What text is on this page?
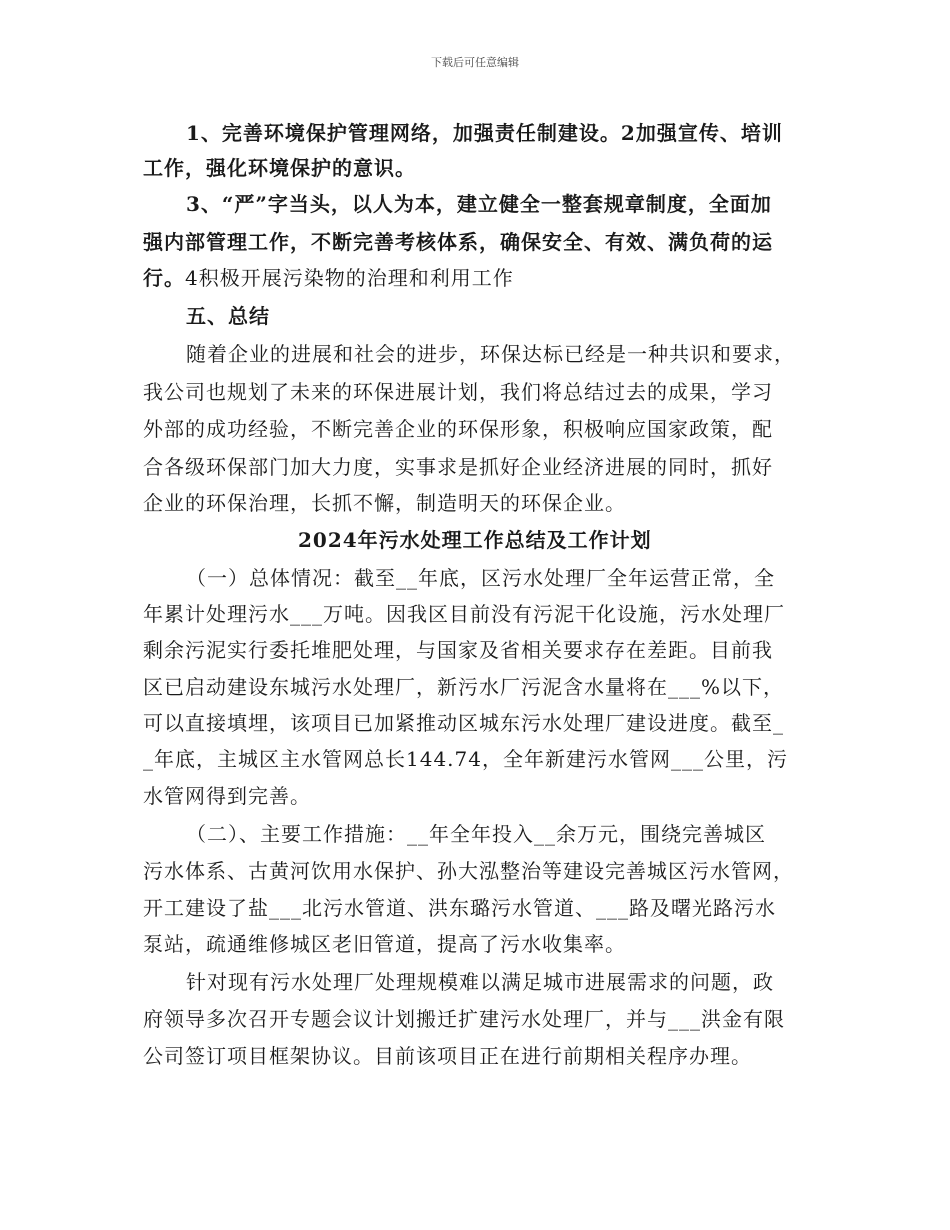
下载后可任意编辑
1、完善环境保护管理网络，加强责任制建设。2加强宣传、培训
工作，强化环境保护的意识。
3、“严”字当头，以人为本，建立健全一整套规章制度，全面加
强内部管理工作，不断完善考核体系，确保安全、有效、满负荷的运
行。4积极开展污染物的治理和利用工作
五、总结
随着企业的进展和社会的进步，环保达标已经是一种共识和要求，
我公司也规划了未来的环保进展计划，我们将总结过去的成果，学习
外部的成功经验，不断完善企业的环保形象，积极响应国家政策，配
合各级环保部门加大力度，实事求是抓好企业经济进展的同时，抓好
企业的环保治理，长抓不懈，制造明天的环保企业。
2024年污水处理工作总结及工作计划
（一）总体情况：截至__年底，区污水处理厂全年运营正常，全
年累计处理污水___万吨。因我区目前没有污泥干化设施，污水处理厂
剩余污泥实行委托堆肥处理，与国家及省相关要求存在差距。目前我
区已启动建设东城污水处理厂，新污水厂污泥含水量将在___%以下，
可以直接填埋，该项目已加紧推动区城东污水处理厂建设进度。截至_
_年底，主城区主水管网总长144.74，全年新建污水管网___公里，污
水管网得到完善。
（二）、主要工作措施：__年全年投入__余万元，围绕完善城区
污水体系、古黄河饮用水保护、孙大泓整治等建设完善城区污水管网，
开工建设了盐___北污水管道、洪东璐污水管道、___路及曙光路污水
泵站，疏通维修城区老旧管道，提高了污水收集率。
针对现有污水处理厂处理规模难以满足城市进展需求的问题，政
府领导多次召开专题会议计划搬迁扩建污水处理厂，并与___洪金有限
公司签订项目框架协议。目前该项目正在进行前期相关程序办理。
